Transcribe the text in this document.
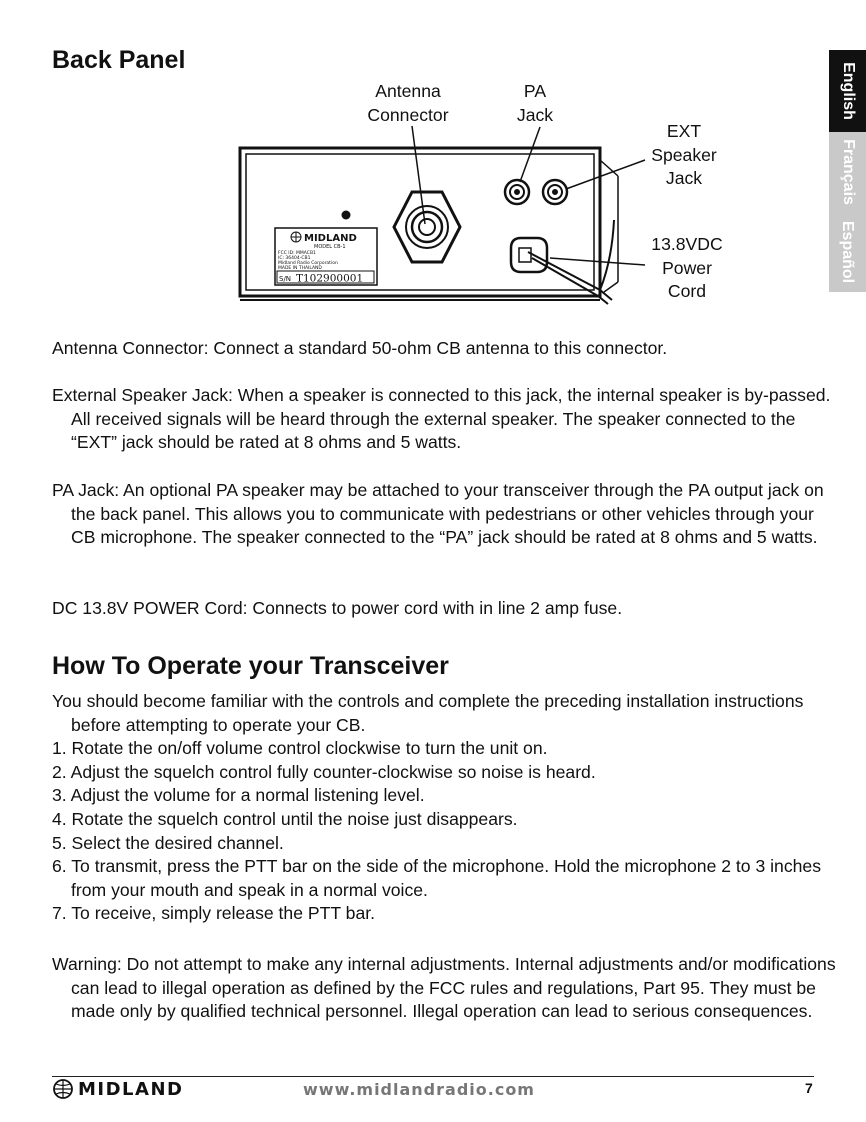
Back Panel
English
Français
Español
Antenna
Connector
PA
Jack
EXT
Speaker
Jack
13.8VDC
Power
Cord
MIDLAND
MODEL CB-1
FCC ID: MMACB1
IC: 36404-CB1
Midland Radio Corporation
MADE IN THAILAND
S/N T102900001

Antenna Connector: Connect a standard 50-ohm CB antenna to this connector.

External Speaker Jack: When a speaker is connected to this jack, the internal speaker is by-passed. All received signals will be heard through the external speaker. The speaker connected to the “EXT” jack should be rated at 8 ohms and 5 watts.

PA Jack: An optional PA speaker may be attached to your transceiver through the PA output jack on the back panel. This allows you to communicate with pedestrians or other vehicles through your CB microphone. The speaker connected to the “PA” jack should be rated at 8 ohms and 5 watts.

DC 13.8V POWER Cord: Connects to power cord with in line 2 amp fuse.

How To Operate your Transceiver

You should become familiar with the controls and complete the preceding installation instructions before attempting to operate your CB.

1. Rotate the on/off volume control clockwise to turn the unit on.

2. Adjust the squelch control fully counter-clockwise so noise is heard.

3. Adjust the volume for a normal listening level.

4. Rotate the squelch control until the noise just disappears.

5. Select the desired channel.

6. To transmit, press the PTT bar on the side of the microphone. Hold the microphone 2 to 3 inches from your mouth and speak in a normal voice.

7. To receive, simply release the PTT bar.

Warning: Do not attempt to make any internal adjustments. Internal adjustments and/or modifications can lead to illegal operation as defined by the FCC rules and regulations, Part 95. They must be made only by qualified technical personnel. Illegal operation can lead to serious consequences.

MIDLAND	www.midlandradio.com	7
